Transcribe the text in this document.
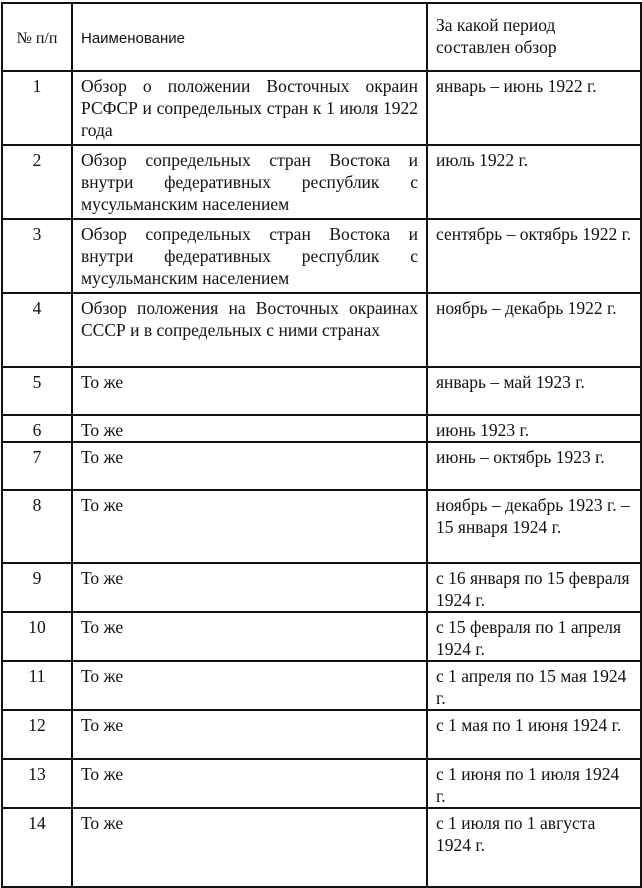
№ п/п	Наименование	За какой период составлен обзор
1	Обзор о положении Восточных окраин РСФСР и сопредельных стран к 1 июля 1922 года	январь – июнь 1922 г.
2	Обзор сопредельных стран Востока и внутри федеративных республик с мусульманским населением	июль 1922 г.
3	Обзор сопредельных стран Востока и внутри федеративных республик с мусульманским населением	сентябрь – октябрь 1922 г.
4	Обзор положения на Восточных окраинах СССР и в сопредельных с ними странах	ноябрь – декабрь 1922 г.
5	То же	январь – май 1923 г.
6	То же	июнь 1923 г.
7	То же	июнь – октябрь 1923 г.
8	То же	ноябрь – декабрь 1923 г. – 15 января 1924 г.
9	То же	с 16 января по 15 февраля 1924 г.
10	То же	с 15 февраля по 1 апреля 1924 г.
11	То же	с 1 апреля по 15 мая 1924 г.
12	То же	с 1 мая по 1 июня 1924 г.
13	То же	с 1 июня по 1 июля 1924 г.
14	То же	с 1 июля по 1 августа 1924 г.
